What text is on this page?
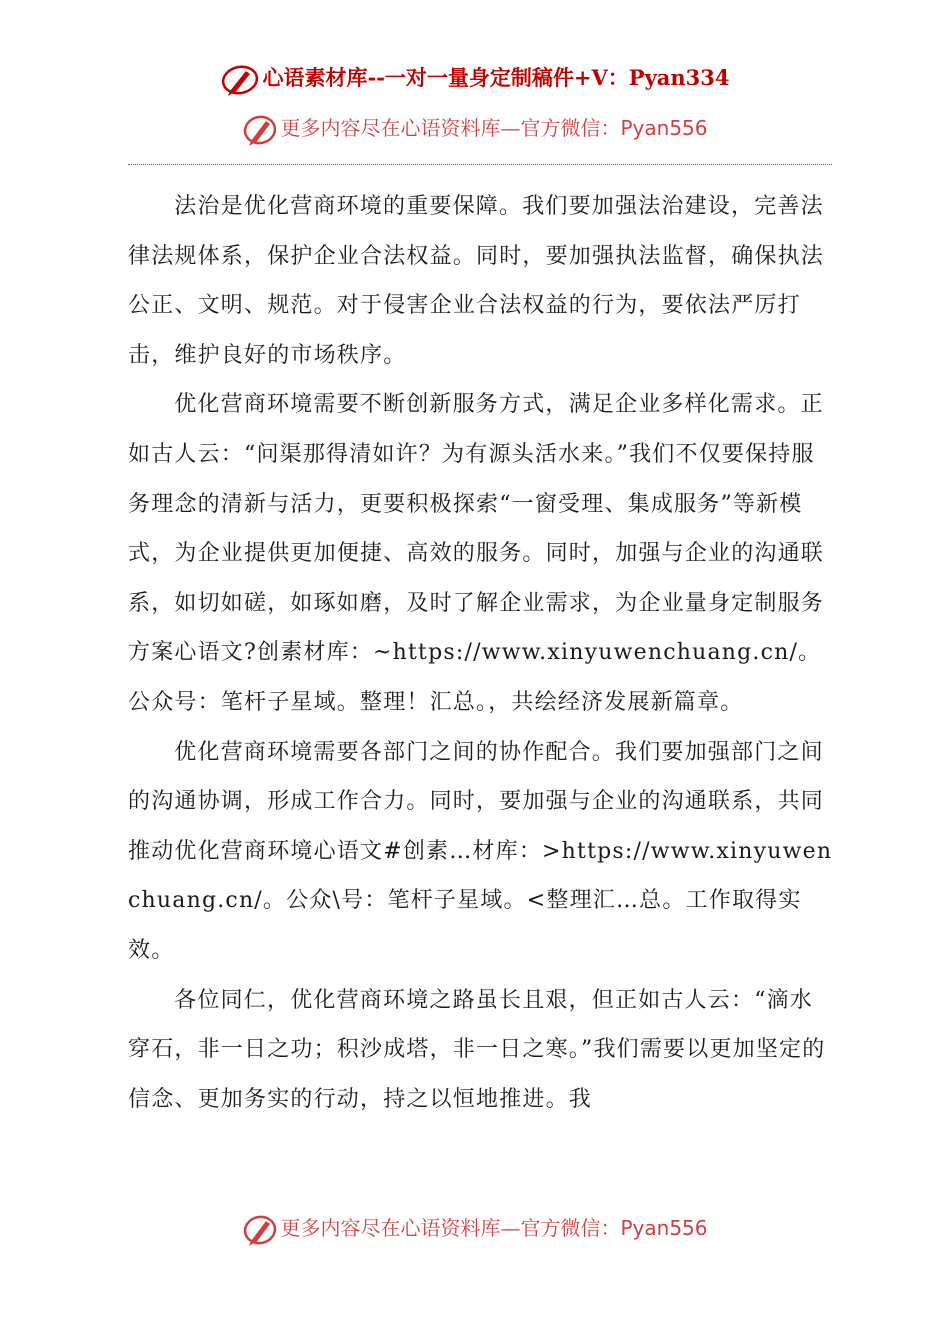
心语素材库--一对一量身定制稿件+V：Pyan334
更多内容尽在心语资料库—官方微信：Pyan556

法治是优化营商环境的重要保障。我们要加强法治建设，完善法律法规体系，保护企业合法权益。同时，要加强执法监督，确保执法公正、文明、规范。对于侵害企业合法权益的行为，要依法严厉打击，维护良好的市场秩序。

优化营商环境需要不断创新服务方式，满足企业多样化需求。正如古人云：“问渠那得清如许？为有源头活水来。”我们不仅要保持服务理念的清新与活力，更要积极探索“一窗受理、集成服务”等新模式，为企业提供更加便捷、高效的服务。同时，加强与企业的沟通联系，如切如磋，如琢如磨，及时了解企业需求，为企业量身定制服务方案心语文?创素材库：~https://www.xinyuwenchuang.cn/。公众号：笔杆子星域。整理！汇总。，共绘经济发展新篇章。

优化营商环境需要各部门之间的协作配合。我们要加强部门之间的沟通协调，形成工作合力。同时，要加强与企业的沟通联系，共同推动优化营商环境心语文#创素…材库：>https://www.xinyuwenchuang.cn/。公众\号：笔杆子星域。<整理汇…总。工作取得实效。

各位同仁，优化营商环境之路虽长且艰，但正如古人云：“滴水穿石，非一日之功；积沙成塔，非一日之寒。”我们需要以更加坚定的信念、更加务实的行动，持之以恒地推进。我

更多内容尽在心语资料库—官方微信：Pyan556
